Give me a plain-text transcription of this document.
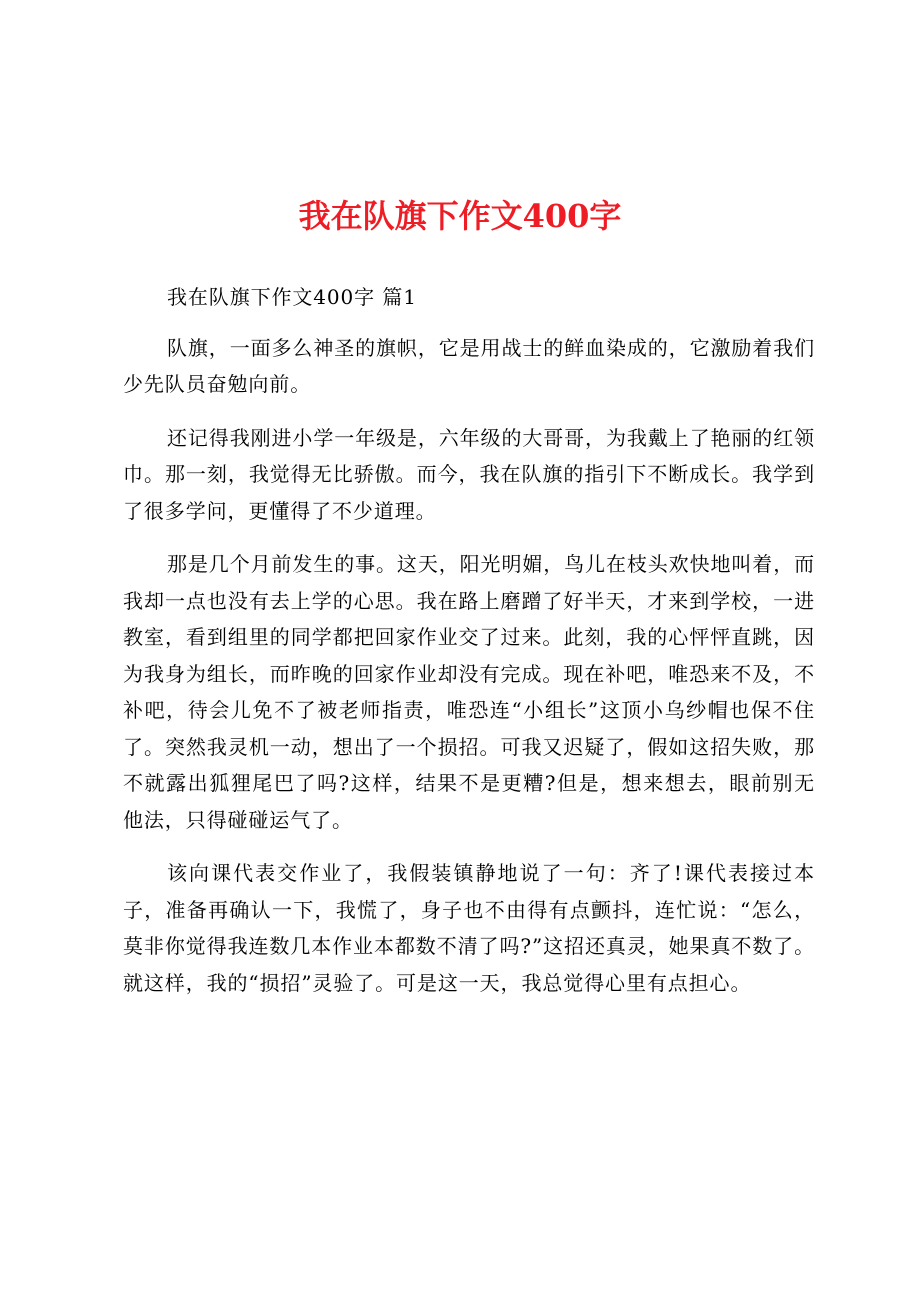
我在队旗下作文400字

我在队旗下作文400字 篇1

队旗，一面多么神圣的旗帜，它是用战士的鲜血染成的，它激励着我们少先队员奋勉向前。

还记得我刚进小学一年级是，六年级的大哥哥，为我戴上了艳丽的红领巾。那一刻，我觉得无比骄傲。而今，我在队旗的指引下不断成长。我学到了很多学问，更懂得了不少道理。

那是几个月前发生的事。这天，阳光明媚，鸟儿在枝头欢快地叫着，而我却一点也没有去上学的心思。我在路上磨蹭了好半天，才来到学校，一进教室，看到组里的同学都把回家作业交了过来。此刻，我的心怦怦直跳，因为我身为组长，而昨晚的回家作业却没有完成。现在补吧，唯恐来不及，不补吧，待会儿免不了被老师指责，唯恐连“小组长”这顶小乌纱帽也保不住了。突然我灵机一动，想出了一个损招。可我又迟疑了，假如这招失败，那不就露出狐狸尾巴了吗?这样，结果不是更糟?但是，想来想去，眼前别无他法，只得碰碰运气了。

该向课代表交作业了，我假装镇静地说了一句：齐了!课代表接过本子，准备再确认一下，我慌了，身子也不由得有点颤抖，连忙说：“怎么，莫非你觉得我连数几本作业本都数不清了吗?”这招还真灵，她果真不数了。就这样，我的“损招”灵验了。可是这一天，我总觉得心里有点担心。
